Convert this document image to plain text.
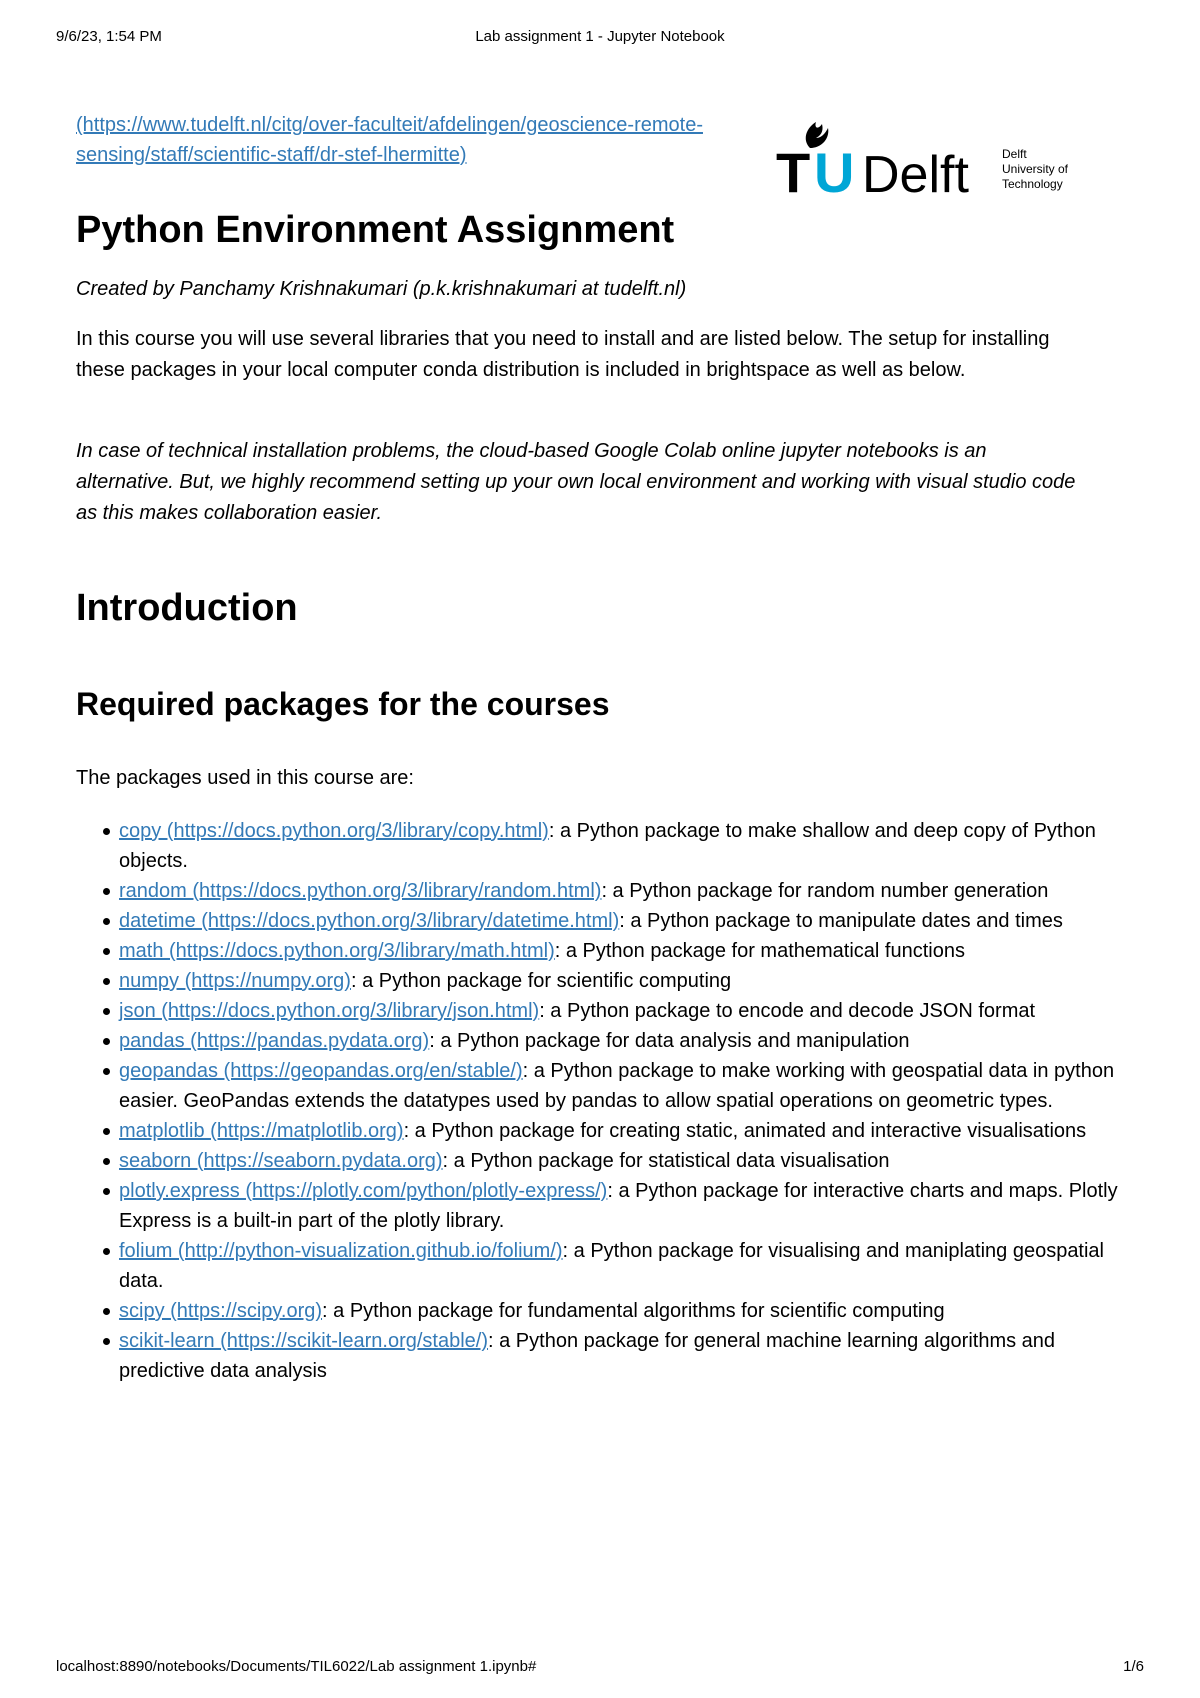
9/6/23, 1:54 PM	Lab assignment 1 - Jupyter Notebook
(https://www.tudelft.nl/citg/over-faculteit/afdelingen/geoscience-remote-sensing/staff/scientific-staff/dr-stef-lhermitte)	T U Delft	Delft
University of
Technology
Python Environment Assignment
Created by Panchamy Krishnakumari (p.k.krishnakumari at tudelft.nl)
In this course you will use several libraries that you need to install and are listed below. The setup for installing these packages in your local computer conda distribution is included in brightspace as well as below.
In case of technical installation problems, the cloud-based Google Colab online jupyter notebooks is an alternative. But, we highly recommend setting up your own local environment and working with visual studio code as this makes collaboration easier.
Introduction
Required packages for the courses
The packages used in this course are:
copy (https://docs.python.org/3/library/copy.html): a Python package to make shallow and deep copy of Python objects.
random (https://docs.python.org/3/library/random.html): a Python package for random number generation
datetime (https://docs.python.org/3/library/datetime.html): a Python package to manipulate dates and times
math (https://docs.python.org/3/library/math.html): a Python package for mathematical functions
numpy (https://numpy.org): a Python package for scientific computing
json (https://docs.python.org/3/library/json.html): a Python package to encode and decode JSON format
pandas (https://pandas.pydata.org): a Python package for data analysis and manipulation
geopandas (https://geopandas.org/en/stable/): a Python package to make working with geospatial data in python easier. GeoPandas extends the datatypes used by pandas to allow spatial operations on geometric types.
matplotlib (https://matplotlib.org): a Python package for creating static, animated and interactive visualisations
seaborn (https://seaborn.pydata.org): a Python package for statistical data visualisation
plotly.express (https://plotly.com/python/plotly-express/): a Python package for interactive charts and maps. Plotly Express is a built-in part of the plotly library.
folium (http://python-visualization.github.io/folium/): a Python package for visualising and maniplating geospatial data.
scipy (https://scipy.org): a Python package for fundamental algorithms for scientific computing
scikit-learn (https://scikit-learn.org/stable/): a Python package for general machine learning algorithms and predictive data analysis
localhost:8890/notebooks/Documents/TIL6022/Lab assignment 1.ipynb#	1/6
